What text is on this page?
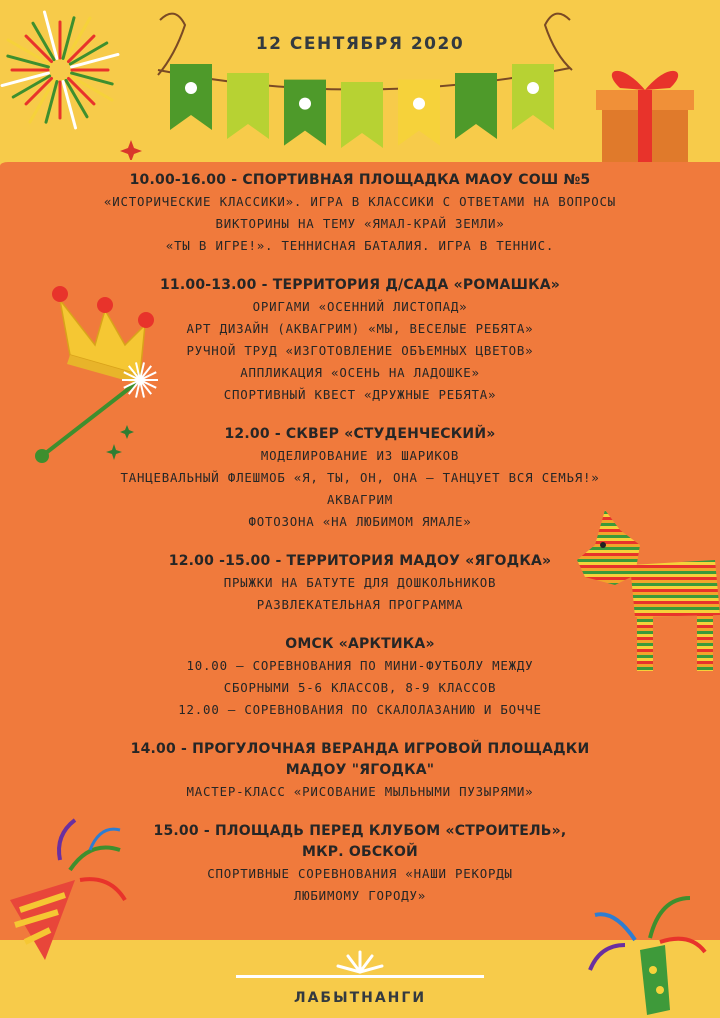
12 СЕНТЯБРЯ 2020
10.00-16.00 - СПОРТИВНАЯ ПЛОЩАДКА МАОУ СОШ №5
«ИСТОРИЧЕСКИЕ КЛАССИКИ». ИГРА В КЛАССИКИ С ОТВЕТАМИ НА ВОПРОСЫ
ВИКТОРИНЫ НА ТЕМУ «ЯМАЛ-КРАЙ ЗЕМЛИ»
«ТЫ В ИГРЕ!». ТЕННИСНАЯ БАТАЛИЯ. ИГРА В ТЕННИС.
11.00-13.00 - ТЕРРИТОРИЯ Д/САДА «РОМАШКА»
ОРИГАМИ «ОСЕННИЙ ЛИСТОПАД»
АРТ ДИЗАЙН (АКВАГРИМ) «МЫ, ВЕСЕЛЫЕ РЕБЯТА»
РУЧНОЙ ТРУД «ИЗГОТОВЛЕНИЕ ОБЪЕМНЫХ ЦВЕТОВ»
АППЛИКАЦИЯ «ОСЕНЬ НА ЛАДОШКЕ»
СПОРТИВНЫЙ КВЕСТ «ДРУЖНЫЕ РЕБЯТА»
12.00 - СКВЕР «СТУДЕНЧЕСКИЙ»
МОДЕЛИРОВАНИЕ ИЗ ШАРИКОВ
ТАНЦЕВАЛЬНЫЙ ФЛЕШМОБ «Я, ТЫ, ОН, ОНА – ТАНЦУЕТ ВСЯ СЕМЬЯ!»
АКВАГРИМ
ФОТОЗОНА «НА ЛЮБИМОМ ЯМАЛЕ»
12.00 -15.00 - ТЕРРИТОРИЯ МАДОУ «ЯГОДКА»
ПРЫЖКИ НА БАТУТЕ ДЛЯ ДОШКОЛЬНИКОВ
РАЗВЛЕКАТЕЛЬНАЯ ПРОГРАММА
ОМСК «АРКТИКА»
10.00 – СОРЕВНОВАНИЯ ПО МИНИ-ФУТБОЛУ МЕЖДУ
СБОРНЫМИ 5-6 КЛАССОВ, 8-9 КЛАССОВ
12.00 – СОРЕВНОВАНИЯ ПО СКАЛОЛАЗАНИЮ И БОЧЧЕ
14.00 - ПРОГУЛОЧНАЯ ВЕРАНДА ИГРОВОЙ ПЛОЩАДКИ
МАДОУ "ЯГОДКА"
МАСТЕР-КЛАСС «РИСОВАНИЕ МЫЛЬНЫМИ ПУЗЫРЯМИ»
15.00 - ПЛОЩАДЬ ПЕРЕД КЛУБОМ «СТРОИТЕЛЬ»,
МКР. ОБСКОЙ
СПОРТИВНЫЕ СОРЕВНОВАНИЯ «НАШИ РЕКОРДЫ
ЛЮБИМОМУ ГОРОДУ»
ЛАБЫТНАНГИ
